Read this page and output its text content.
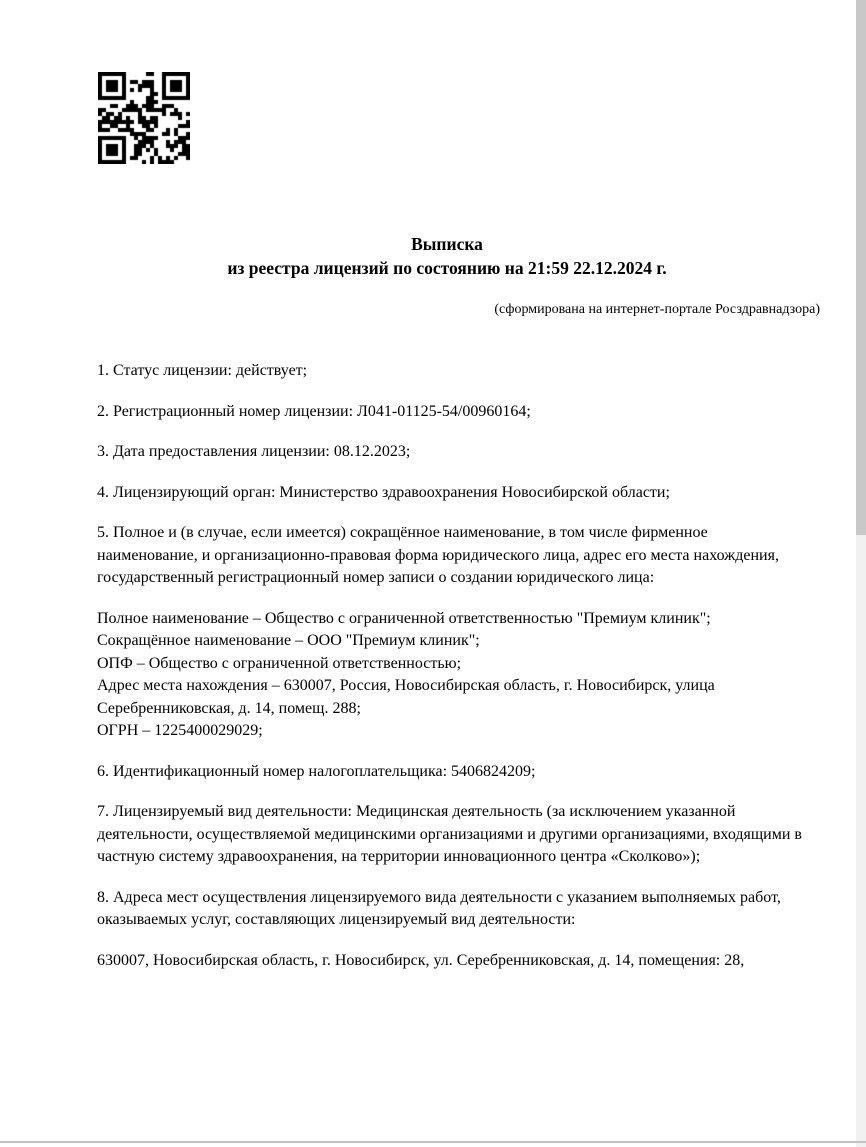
Выписка
из реестра лицензий по состоянию на 21:59 22.12.2024 г.
(сформирована на интернет-портале Росздравнадзора)

1. Статус лицензии: действует;

2. Регистрационный номер лицензии: Л041-01125-54/00960164;

3. Дата предоставления лицензии: 08.12.2023;

4. Лицензирующий орган: Министерство здравоохранения Новосибирской области;

5. Полное и (в случае, если имеется) сокращённое наименование, в том числе фирменное наименование, и организационно-правовая форма юридического лица, адрес его места нахождения, государственный регистрационный номер записи о создании юридического лица:

Полное наименование – Общество с ограниченной ответственностью "Премиум клиник";
Сокращённое наименование – ООО "Премиум клиник";
ОПФ – Общество с ограниченной ответственностью;
Адрес места нахождения – 630007, Россия, Новосибирская область, г. Новосибирск, улица Серебренниковская, д. 14, помещ. 288;
ОГРН – 1225400029029;

6. Идентификационный номер налогоплательщика: 5406824209;

7. Лицензируемый вид деятельности: Медицинская деятельность (за исключением указанной деятельности, осуществляемой медицинскими организациями и другими организациями, входящими в частную систему здравоохранения, на территории инновационного центра «Сколково»);

8. Адреса мест осуществления лицензируемого вида деятельности с указанием выполняемых работ, оказываемых услуг, составляющих лицензируемый вид деятельности:

630007, Новосибирская область, г. Новосибирск, ул. Серебренниковская, д. 14, помещения: 28,
